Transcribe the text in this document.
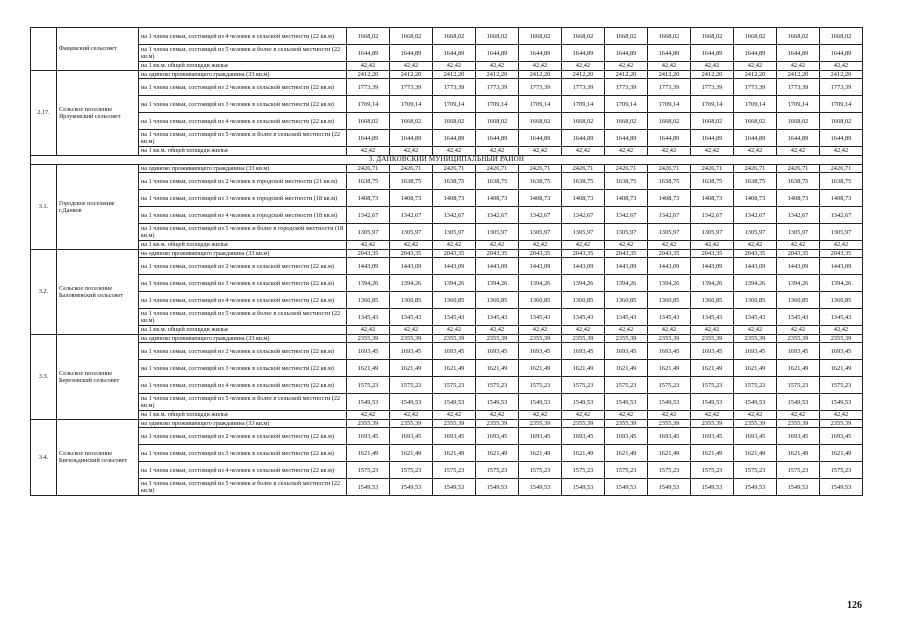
	Фащевский сельсовет	на 1 члена семьи, состоящей из 4 человек в сельской местности (22 кв.м)	1668,02	1668,02	1668,02	1668,02	1668,02	1668,02	1668,02	1668,02	1668,02	1668,02	1668,02	1668,02
		на 1 члена семьи, состоящей из 5 человек и более в сельской местности (22 кв.м)	1644,89	1644,89	1644,89	1644,89	1644,89	1644,89	1644,89	1644,89	1644,89	1644,89	1644,89	1644,89
		на 1 кв.м. общей площади жилья	42,42	42,42	42,42	42,42	42,42	42,42	42,42	42,42	42,42	42,42	42,42	42,42
2.17.	Сельское поселение Ярлуковский сельсовет	на одиноко проживающего гражданина (33 кв.м)	2412,20	2412,20	2412,20	2412,20	2412,20	2412,20	2412,20	2412,20	2412,20	2412,20	2412,20	2412,20
		на 1 члена семьи, состоящей из 2 человек в сельской местности (22 кв.м)	1773,39	1773,39	1773,39	1773,39	1773,39	1773,39	1773,39	1773,39	1773,39	1773,39	1773,39	1773,39
		на 1 члена семьи, состоящей из 3 человек в сельской местности (22 кв.м)	1709,14	1709,14	1709,14	1709,14	1709,14	1709,14	1709,14	1709,14	1709,14	1709,14	1709,14	1709,14
		на 1 члена семьи, состоящей из 4 человек в сельской местности (22 кв.м)	1668,02	1668,02	1668,02	1668,02	1668,02	1668,02	1668,02	1668,02	1668,02	1668,02	1668,02	1668,02
		на 1 члена семьи, состоящей из 5 человек и более в сельской местности (22 кв.м)	1644,89	1644,89	1644,89	1644,89	1644,89	1644,89	1644,89	1644,89	1644,89	1644,89	1644,89	1644,89
		на 1 кв.м. общей площади жилья	42,42	42,42	42,42	42,42	42,42	42,42	42,42	42,42	42,42	42,42	42,42	42,42
3. ДАНКОВСКИЙ МУНИЦИПАЛЬНЫЙ РАЙОН														
3.1.	Городское поселение г.Данков	на одиноко проживающего гражданина (33 кв.м)	2426,71	2426,71	2426,71	2426,71	2426,71	2426,71	2426,71	2426,71	2426,71	2426,71	2426,71	2426,71
		на 1 члена семьи, состоящей из 2 человек в городской местности (21 кв.м)	1638,75	1638,75	1638,75	1638,75	1638,75	1638,75	1638,75	1638,75	1638,75	1638,75	1638,75	1638,75
		на 1 члена семьи, состоящей из 3 человек в городской местности (18 кв.м)	1408,73	1408,73	1408,73	1408,73	1408,73	1408,73	1408,73	1408,73	1408,73	1408,73	1408,73	1408,73
		на 1 члена семьи, состоящей из 4 человек в городской местности (18 кв.м)	1342,67	1342,67	1342,67	1342,67	1342,67	1342,67	1342,67	1342,67	1342,67	1342,67	1342,67	1342,67
		на 1 члена семьи, состоящей из 5 человек и более в городской местности (18 кв.м)	1305,97	1305,97	1305,97	1305,97	1305,97	1305,97	1305,97	1305,97	1305,97	1305,97	1305,97	1305,97
		на 1 кв.м. общей площади жилья	42,42	42,42	42,42	42,42	42,42	42,42	42,42	42,42	42,42	42,42	42,42	42,42
3.2.	Сельское поселение Баловневский сельсовет	на одиноко проживающего гражданина (33 кв.м)	2043,35	2043,35	2043,35	2043,35	2043,35	2043,35	2043,35	2043,35	2043,35	2043,35	2043,35	2043,35
		на 1 члена семьи, состоящей из 2 человек в сельской местности (22 кв.м)	1443,09	1443,09	1443,09	1443,09	1443,09	1443,09	1443,09	1443,09	1443,09	1443,09	1443,09	1443,09
		на 1 члена семьи, состоящей из 3 человек в сельской местности (22 кв.м)	1394,26	1394,26	1394,26	1394,26	1394,26	1394,26	1394,26	1394,26	1394,26	1394,26	1394,26	1394,26
		на 1 члена семьи, состоящей из 4 человек в сельской местности (22 кв.м)	1360,85	1360,85	1360,85	1360,85	1360,85	1360,85	1360,85	1360,85	1360,85	1360,85	1360,85	1360,85
		на 1 члена семьи, состоящей из 5 человек и более в сельской местности (22 кв.м)	1345,43	1345,43	1345,43	1345,43	1345,43	1345,43	1345,43	1345,43	1345,43	1345,43	1345,43	1345,43
		на 1 кв.м. общей площади жилья	42,42	42,42	42,42	42,42	42,42	42,42	42,42	42,42	42,42	42,42	42,42	42,42
3.3.	Сельское поселение Березовский сельсовет	на одиноко проживающего гражданина (33 кв.м)	2355,39	2355,39	2355,39	2355,39	2355,39	2355,39	2355,39	2355,39	2355,39	2355,39	2355,39	2355,39
		на 1 члена семьи, состоящей из 2 человек в сельской местности (22 кв.м)	1693,45	1693,45	1693,45	1693,45	1693,45	1693,45	1693,45	1693,45	1693,45	1693,45	1693,45	1693,45
		на 1 члена семьи, состоящей из 3 человек в сельской местности (22 кв.м)	1621,49	1621,49	1621,49	1621,49	1621,49	1621,49	1621,49	1621,49	1621,49	1621,49	1621,49	1621,49
		на 1 члена семьи, состоящей из 4 человек в сельской местности (22 кв.м)	1575,23	1575,23	1575,23	1575,23	1575,23	1575,23	1575,23	1575,23	1575,23	1575,23	1575,23	1575,23
		на 1 члена семьи, состоящей из 5 человек и более в сельской местности (22 кв.м)	1549,53	1549,53	1549,53	1549,53	1549,53	1549,53	1549,53	1549,53	1549,53	1549,53	1549,53	1549,53
		на 1 кв.м. общей площади жилья	42,42	42,42	42,42	42,42	42,42	42,42	42,42	42,42	42,42	42,42	42,42	42,42
3.4.	Сельское поселение Бигильдинский сельсовет	на одиноко проживающего гражданина (33 кв.м)	2355,39	2355,39	2355,39	2355,39	2355,39	2355,39	2355,39	2355,39	2355,39	2355,39	2355,39	2355,39
		на 1 члена семьи, состоящей из 2 человек в сельской местности (22 кв.м)	1693,45	1693,45	1693,45	1693,45	1693,45	1693,45	1693,45	1693,45	1693,45	1693,45	1693,45	1693,45
		на 1 члена семьи, состоящей из 3 человек в сельской местности (22 кв.м)	1621,49	1621,49	1621,49	1621,49	1621,49	1621,49	1621,49	1621,49	1621,49	1621,49	1621,49	1621,49
		на 1 члена семьи, состоящей из 4 человек в сельской местности (22 кв.м)	1575,23	1575,23	1575,23	1575,23	1575,23	1575,23	1575,23	1575,23	1575,23	1575,23	1575,23	1575,23
		на 1 члена семьи, состоящей из 5 человек и более в сельской местности (22 кв.м)	1549,53	1549,53	1549,53	1549,53	1549,53	1549,53	1549,53	1549,53	1549,53	1549,53	1549,53	1549,53
126
